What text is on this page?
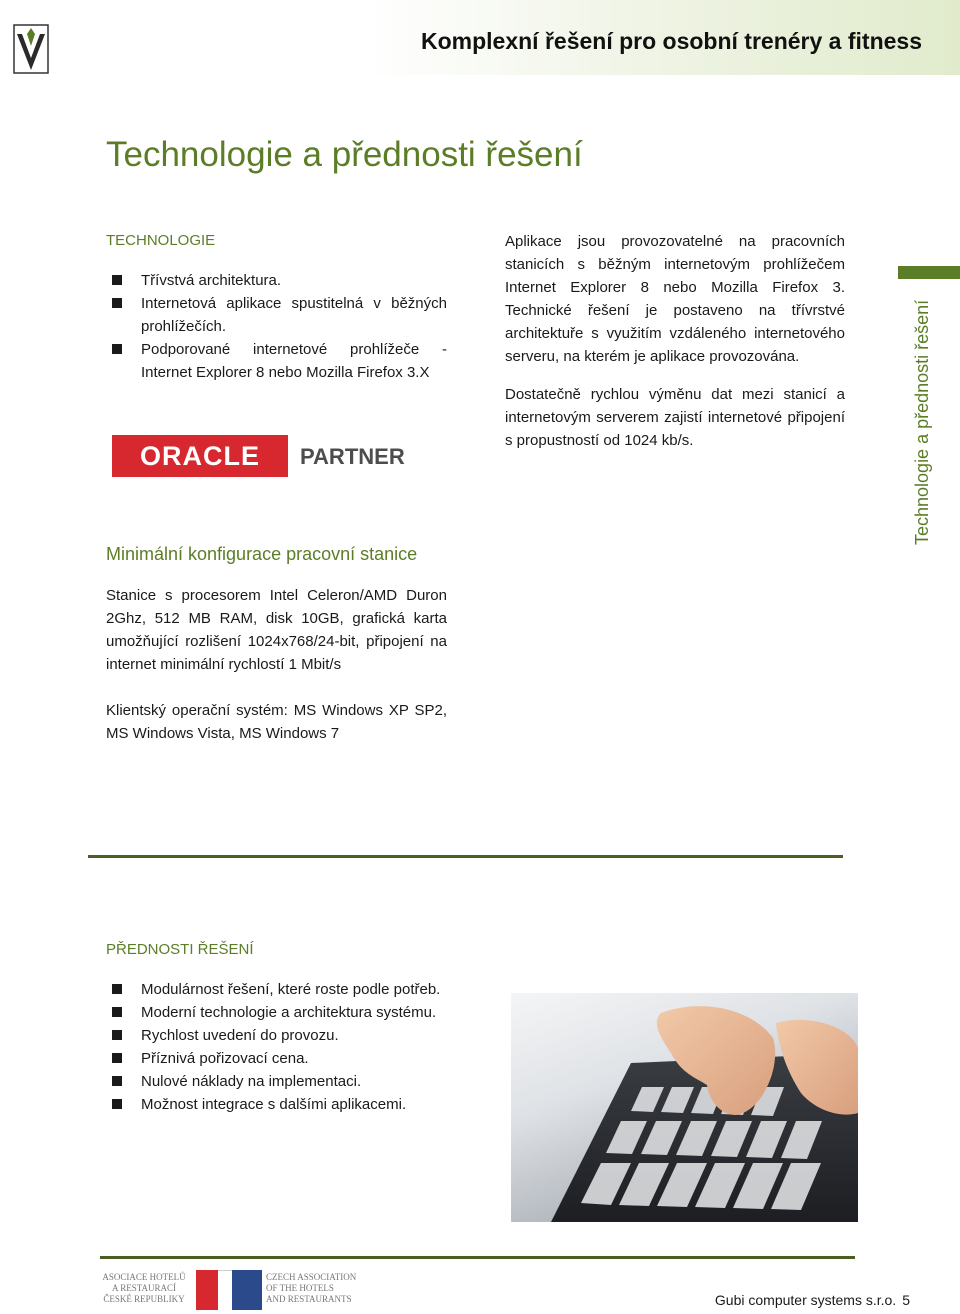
Komplexní řešení pro osobní trenéry a fitness
Technologie a přednosti řešení
TECHNOLOGIE
Třívstvá architektura.
Internetová aplikace spustitelná v běžných
prohlížečích.
Podporované internetové prohlížeče -
Internet Explorer 8 nebo Mozilla Firefox 3.X
ORACLE	PARTNER

Aplikace jsou provozovatelné na pracovních stanicích s běžným internetovým prohlížečem Internet Explorer 8 nebo Mozilla Firefox 3. Technické řešení je postaveno na třívrstvé architektuře s využitím vzdáleného internetového serveru, na kterém je aplikace provozována.

Dostatečně rychlou výměnu dat mezi stanicí a internetovým serverem zajistí internetové připojení s propustností od 1024 kb/s.	Technologie a přednosti řešení
Minimální konfigurace pracovní stanice

Stanice s procesorem Intel Celeron/AMD Duron 2Ghz, 512 MB RAM, disk 10GB, grafická karta umožňující rozlišení 1024x768/24-bit, připojení na internet minimální rychlostí 1 Mbit/s

Klientský operační systém: MS Windows XP SP2, MS Windows Vista, MS Windows 7

PŘEDNOSTI ŘEŠENÍ
Modulárnost řešení, které roste podle potřeb.
Moderní technologie a architektura systému.
Rychlost uvedení do provozu.
Příznivá pořizovací cena.
Nulové náklady na implementaci.
Možnost integrace s dalšími aplikacemi.
ASOCIACE HOTELŮ
A RESTAURACÍ
ČESKÉ REPUBLIKY
CZECH ASSOCIATION
OF THE HOTELS
AND RESTAURANTS	Gubi computer systems s.r.o. 5
